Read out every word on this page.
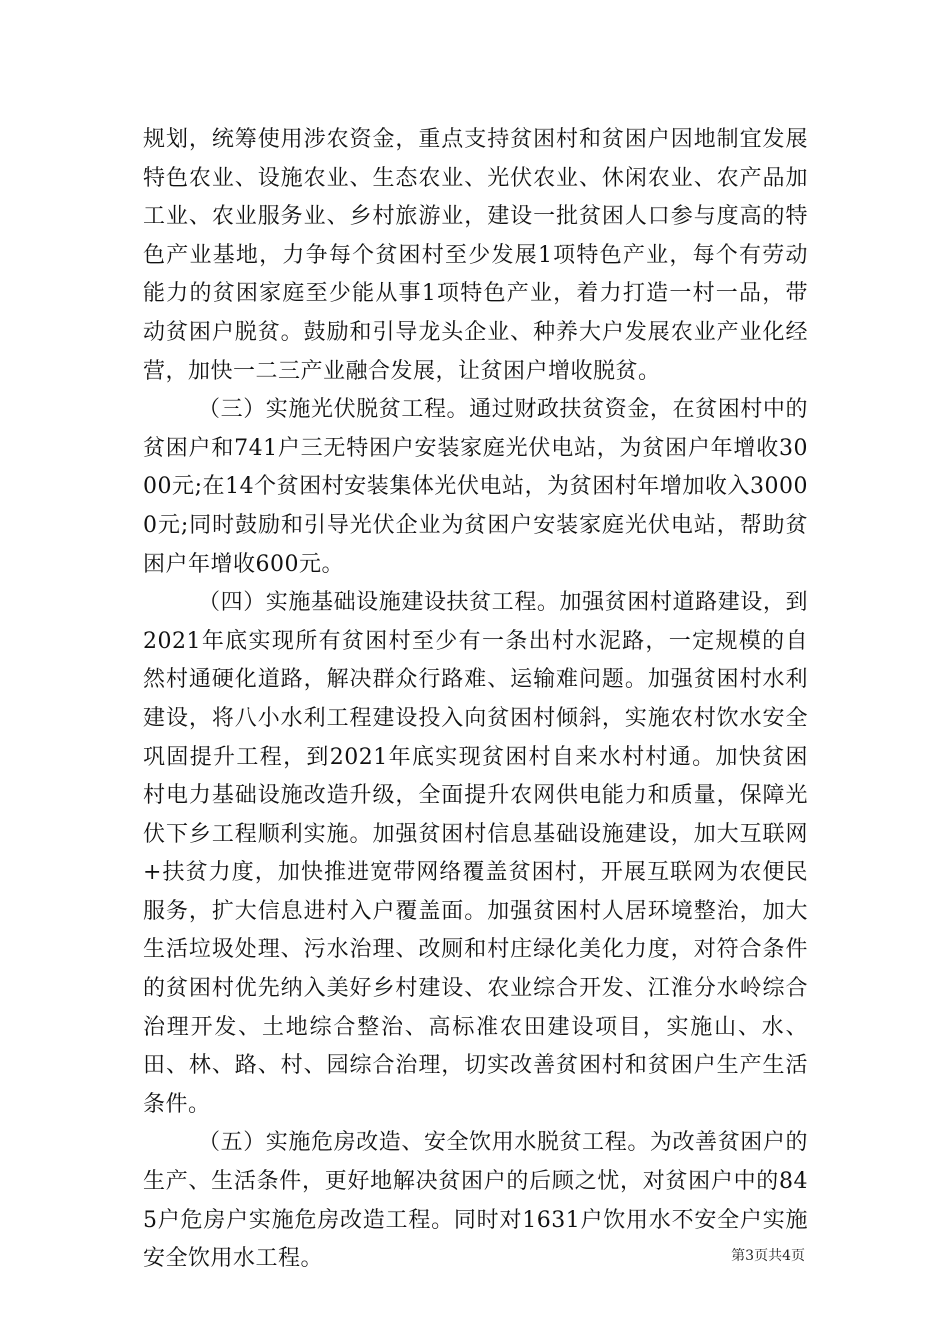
规划，统筹使用涉农资金，重点支持贫困村和贫困户因地制宜发展特色农业、设施农业、生态农业、光伏农业、休闲农业、农产品加工业、农业服务业、乡村旅游业，建设一批贫困人口参与度高的特色产业基地，力争每个贫困村至少发展1项特色产业，每个有劳动能力的贫困家庭至少能从事1项特色产业，着力打造一村一品，带动贫困户脱贫。鼓励和引导龙头企业、种养大户发展农业产业化经营，加快一二三产业融合发展，让贫困户增收脱贫。

（三）实施光伏脱贫工程。通过财政扶贫资金，在贫困村中的贫困户和741户三无特困户安装家庭光伏电站，为贫困户年增收3000元;在14个贫困村安装集体光伏电站，为贫困村年增加收入30000元;同时鼓励和引导光伏企业为贫困户安装家庭光伏电站，帮助贫困户年增收600元。

（四）实施基础设施建设扶贫工程。加强贫困村道路建设，到2021年底实现所有贫困村至少有一条出村水泥路，一定规模的自然村通硬化道路，解决群众行路难、运输难问题。加强贫困村水利建设，将八小水利工程建设投入向贫困村倾斜，实施农村饮水安全巩固提升工程，到2021年底实现贫困村自来水村村通。加快贫困村电力基础设施改造升级，全面提升农网供电能力和质量，保障光伏下乡工程顺利实施。加强贫困村信息基础设施建设，加大互联网+扶贫力度，加快推进宽带网络覆盖贫困村，开展互联网为农便民服务，扩大信息进村入户覆盖面。加强贫困村人居环境整治，加大生活垃圾处理、污水治理、改厕和村庄绿化美化力度，对符合条件的贫困村优先纳入美好乡村建设、农业综合开发、江淮分水岭综合治理开发、土地综合整治、高标准农田建设项目，实施山、水、田、林、路、村、园综合治理，切实改善贫困村和贫困户生产生活条件。

（五）实施危房改造、安全饮用水脱贫工程。为改善贫困户的生产、生活条件，更好地解决贫困户的后顾之忧，对贫困户中的845户危房户实施危房改造工程。同时对1631户饮用水不安全户实施安全饮用水工程。	第3页共4页
